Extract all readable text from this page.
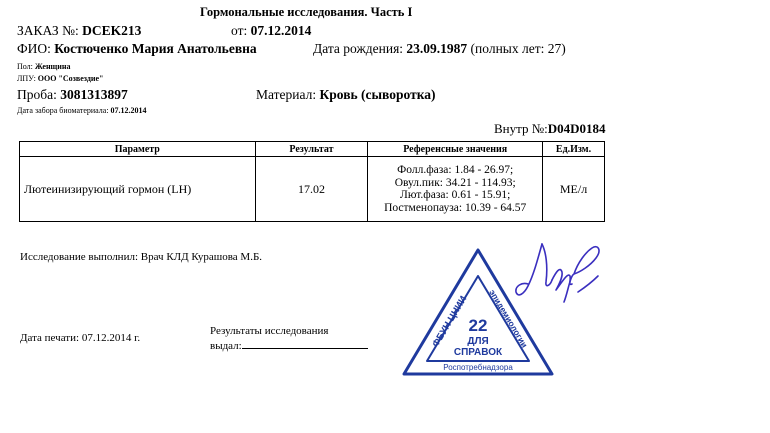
Гормональные исследования. Часть I
ЗАКАЗ №: DCEK213	от: 07.12.2014
ФИО: Костюченко Мария Анатольевна	Дата рождения: 23.09.1987 (полных лет: 27)
Пол: Женщина
ЛПУ: ООО "Созвездие"
Проба: 3081313897	Материал: Кровь (сыворотка)
Дата забора биоматериала: 07.12.2014
Внутр №:D04D0184
Параметр	Результат	Референсные значения	Ед.Изм.
Лютеинизирующий гормон (LH)	17.02	Фолл.фаза: 1.84 - 26.97;
Овул.пик: 34.21 - 114.93;
Лют.фаза: 0.61 - 15.91;
Постменопауза: 10.39 - 64.57	МЕ/л
Исследование выполнил: Врач КЛД Курашова М.Б.
Дата печати: 07.12.2014 г.
Результаты исследования
выдал:
22
ДЛЯ
СПРАВОК
ФБУН ЦНИИ эпидемиологии
Роспотребнадзора
